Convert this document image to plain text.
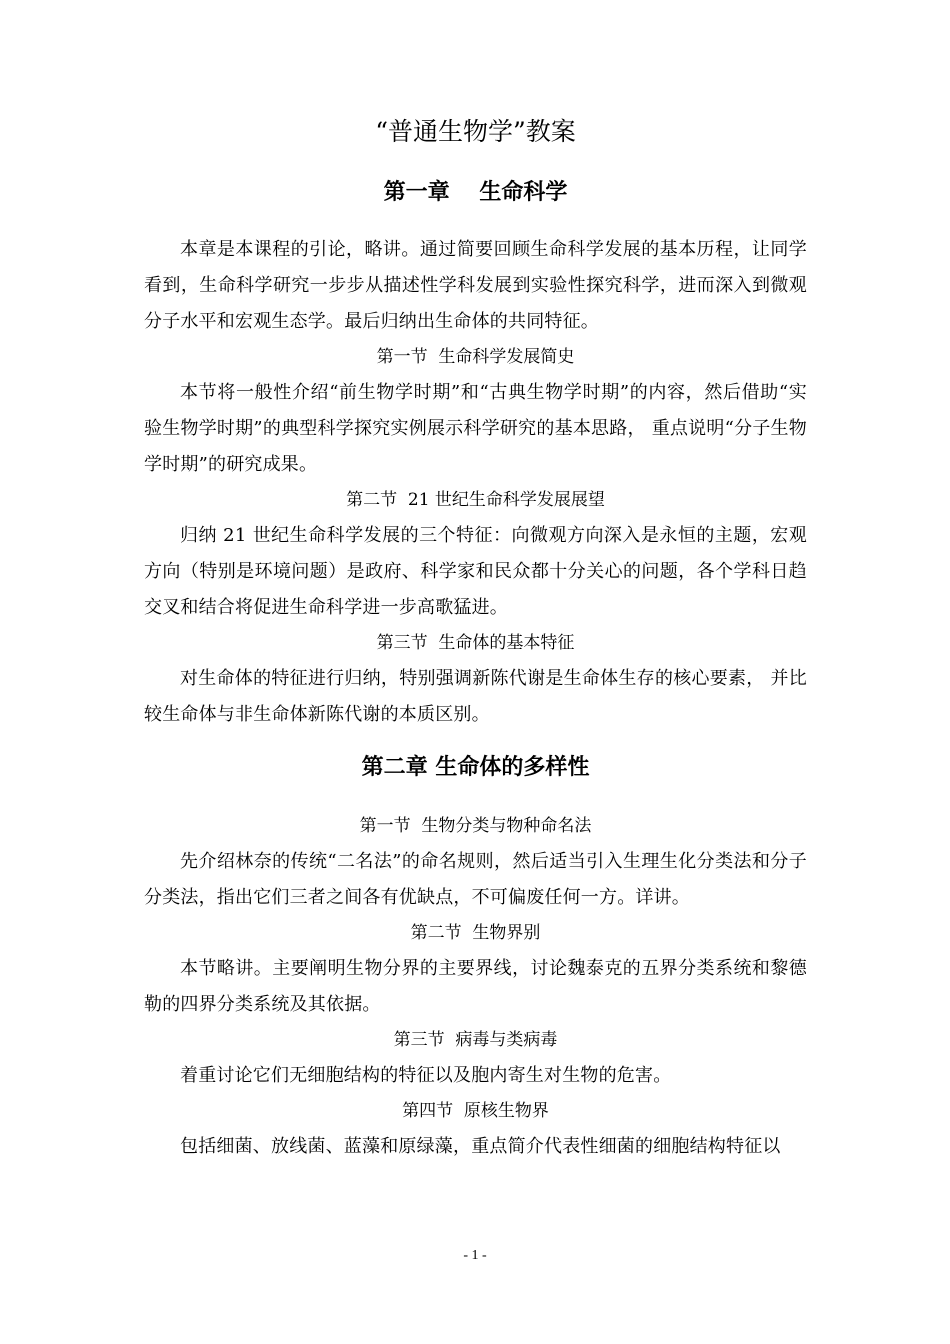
“普通生物学”教案
第一章　 生命科学

本章是本课程的引论，略讲。通过简要回顾生命科学发展的基本历程，让同学看到，生命科学研究一步步从描述性学科发展到实验性探究科学，进而深入到微观分子水平和宏观生态学。最后归纳出生命体的共同特征。

第一节  生命科学发展简史

本节将一般性介绍“前生物学时期”和“古典生物学时期”的内容，然后借助“实验生物学时期”的典型科学探究实例展示科学研究的基本思路， 重点说明“分子生物学时期”的研究成果。

第二节  21 世纪生命科学发展展望

归纳 21 世纪生命科学发展的三个特征：向微观方向深入是永恒的主题，宏观方向（特别是环境问题）是政府、科学家和民众都十分关心的问题，各个学科日趋交叉和结合将促进生命科学进一步高歌猛进。

第三节  生命体的基本特征

对生命体的特征进行归纳，特别强调新陈代谢是生命体生存的核心要素， 并比较生命体与非生命体新陈代谢的本质区别。

第二章 生命体的多样性
第一节  生物分类与物种命名法

先介绍林奈的传统“二名法”的命名规则，然后适当引入生理生化分类法和分子分类法，指出它们三者之间各有优缺点，不可偏废任何一方。详讲。

第二节  生物界别

本节略讲。主要阐明生物分界的主要界线，讨论魏泰克的五界分类系统和黎德勒的四界分类系统及其依据。

第三节  病毒与类病毒

着重讨论它们无细胞结构的特征以及胞内寄生对生物的危害。

第四节  原核生物界

包括细菌、放线菌、蓝藻和原绿藻，重点简介代表性细菌的细胞结构特征以

- 1 -
